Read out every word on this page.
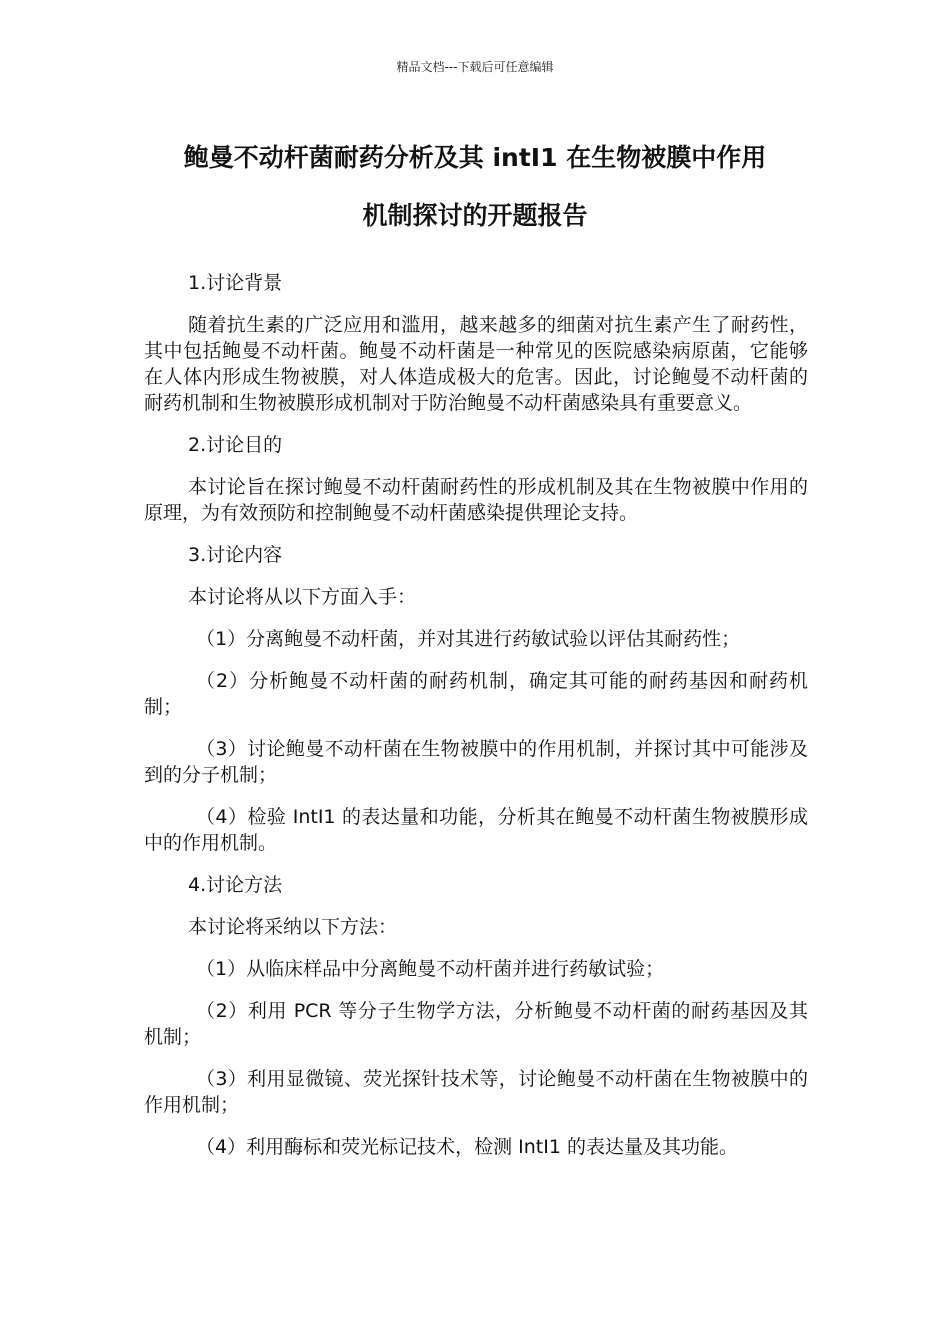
精品文档---下载后可任意编辑
鲍曼不动杆菌耐药分析及其 intI1 在生物被膜中作用
机制探讨的开题报告

1.讨论背景

随着抗生素的广泛应用和滥用，越来越多的细菌对抗生素产生了耐药性，其中包括鲍曼不动杆菌。鲍曼不动杆菌是一种常见的医院感染病原菌，它能够在人体内形成生物被膜，对人体造成极大的危害。因此，讨论鲍曼不动杆菌的耐药机制和生物被膜形成机制对于防治鲍曼不动杆菌感染具有重要意义。

2.讨论目的

本讨论旨在探讨鲍曼不动杆菌耐药性的形成机制及其在生物被膜中作用的原理，为有效预防和控制鲍曼不动杆菌感染提供理论支持。

3.讨论内容

本讨论将从以下方面入手：

（1）分离鲍曼不动杆菌，并对其进行药敏试验以评估其耐药性；

（2）分析鲍曼不动杆菌的耐药机制，确定其可能的耐药基因和耐药机制；

（3）讨论鲍曼不动杆菌在生物被膜中的作用机制，并探讨其中可能涉及到的分子机制；

（4）检验 IntI1 的表达量和功能，分析其在鲍曼不动杆菌生物被膜形成中的作用机制。

4.讨论方法

本讨论将采纳以下方法：

（1）从临床样品中分离鲍曼不动杆菌并进行药敏试验；

（2）利用 PCR 等分子生物学方法，分析鲍曼不动杆菌的耐药基因及其机制；

（3）利用显微镜、荧光探针技术等，讨论鲍曼不动杆菌在生物被膜中的作用机制；

（4）利用酶标和荧光标记技术，检测 IntI1 的表达量及其功能。
